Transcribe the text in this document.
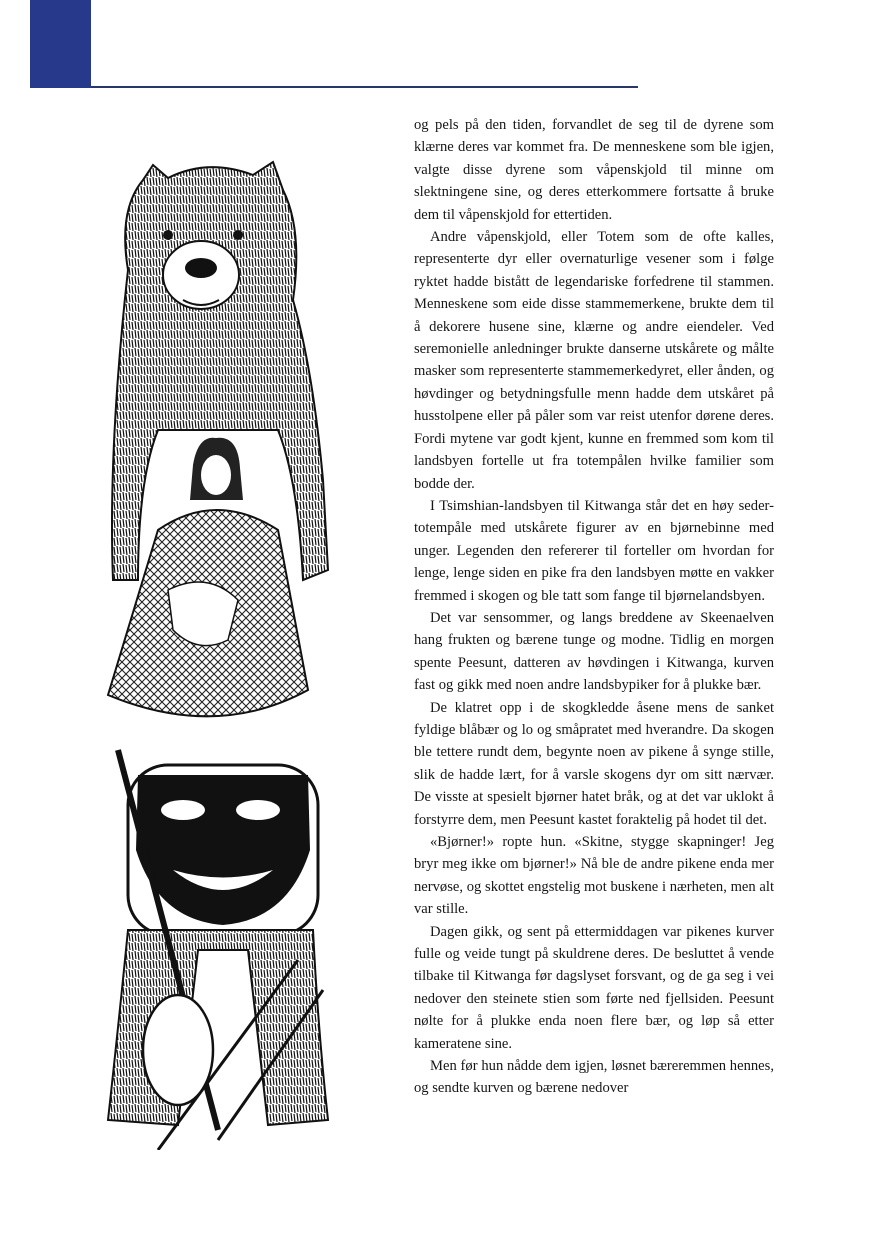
og pels på den tiden, forvandlet de seg til de dyrene som klærne deres var kommet fra. De menneskene som ble igjen, valgte disse dyrene som våpenskjold til minne om slektningene sine, og deres etterkommere fortsatte å bruke dem til våpenskjold for ettertiden.

Andre våpenskjold, eller Totem som de ofte kalles, representerte dyr eller overnaturlige vesener som i følge ryktet hadde bistått de legendariske forfedrene til stammen. Menneskene som eide disse stammemerkene, brukte dem til å dekorere husene sine, klærne og andre eiendeler. Ved seremonielle anledninger brukte danserne utskårete og målte masker som representerte stammemerkedyret, eller ånden, og høvdinger og betydningsfulle menn hadde dem utskåret på husstolpene eller på påler som var reist utenfor dørene deres. Fordi mytene var godt kjent, kunne en fremmed som kom til landsbyen fortelle ut fra totempålen hvilke familier som bodde der.

I Tsimshian-landsbyen til Kitwanga står det en høy seder-totempåle med utskårete figurer av en bjørnebinne med unger. Legenden den refererer til forteller om hvordan for lenge, lenge siden en pike fra den landsbyen møtte en vakker fremmed i skogen og ble tatt som fange til bjørnelandsbyen.

Det var sensommer, og langs breddene av Skeenaelven hang frukten og bærene tunge og modne. Tidlig en morgen spente Peesunt, datteren av høvdingen i Kitwanga, kurven fast og gikk med noen andre landsbypiker for å plukke bær.

De klatret opp i de skogkledde åsene mens de sanket fyldige blåbær og lo og småpratet med hverandre. Da skogen ble tettere rundt dem, begynte noen av pikene å synge stille, slik de hadde lært, for å varsle skogens dyr om sitt nærvær. De visste at spesielt bjørner hatet bråk, og at det var uklokt å forstyrre dem, men Peesunt kastet foraktelig på hodet til det.

«Bjørner!» ropte hun. «Skitne, stygge skapninger! Jeg bryr meg ikke om bjørner!» Nå ble de andre pikene enda mer nervøse, og skottet engstelig mot buskene i nærheten, men alt var stille.

Dagen gikk, og sent på ettermiddagen var pikenes kurver fulle og veide tungt på skuldrene deres. De besluttet å vende tilbake til Kitwanga før dagslyset forsvant, og de ga seg i vei nedover den steinete stien som førte ned fjellsiden. Peesunt nølte for å plukke enda noen flere bær, og løp så etter kameratene sine.

Men før hun nådde dem igjen, løsnet bæreremmen hennes, og sendte kurven og bærene nedover
